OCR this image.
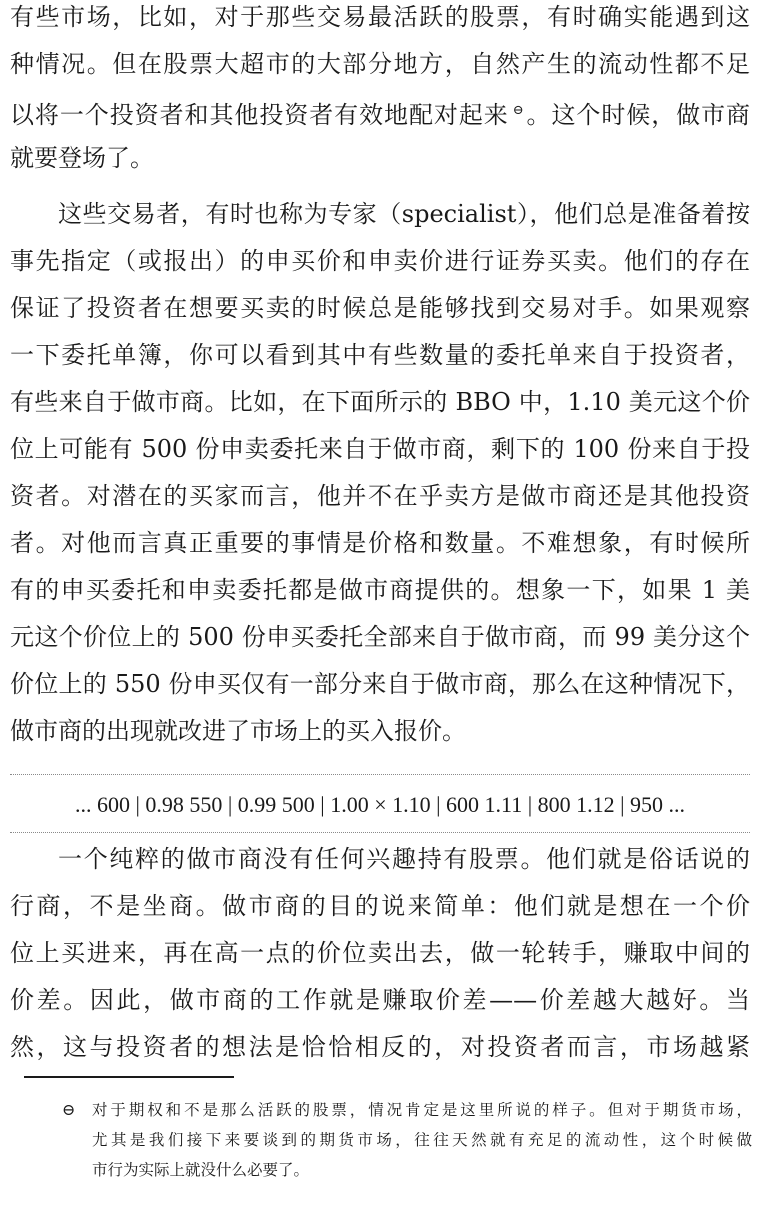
有些市场，比如，对于那些交易最活跃的股票，有时确实能遇到这
种情况。但在股票大超市的大部分地方，自然产生的流动性都不足
以将一个投资者和其他投资者有效地配对起来 ⊖。这个时候，做市商
就要登场了。
这些交易者，有时也称为专家（specialist），他们总是准备着按
事先指定（或报出）的申买价和申卖价进行证券买卖。他们的存在
保证了投资者在想要买卖的时候总是能够找到交易对手。如果观察
一下委托单簿，你可以看到其中有些数量的委托单来自于投资者，
有些来自于做市商。比如，在下面所示的 BBO 中，1.10 美元这个价
位上可能有 500 份申卖委托来自于做市商，剩下的 100 份来自于投
资者。对潜在的买家而言，他并不在乎卖方是做市商还是其他投资
者。对他而言真正重要的事情是价格和数量。不难想象，有时候所
有的申买委托和申卖委托都是做市商提供的。想象一下，如果 1 美
元这个价位上的 500 份申买委托全部来自于做市商，而 99 美分这个
价位上的 550 份申买仅有一部分来自于做市商，那么在这种情况下，
做市商的出现就改进了市场上的买入报价。
... 600 | 0.98 550 | 0.99 500 | 1.00 × 1.10 | 600 1.11 | 800 1.12 | 950 ...
一个纯粹的做市商没有任何兴趣持有股票。他们就是俗话说的
行商，不是坐商。做市商的目的说来简单：他们就是想在一个价
位上买进来，再在高一点的价位卖出去，做一轮转手，赚取中间的
价差。因此，做市商的工作就是赚取价差——价差越大越好。当
然，这与投资者的想法是恰恰相反的，对投资者而言，市场越紧
⊖ 对于期权和不是那么活跃的股票，情况肯定是这里所说的样子。但对于期货市场，
尤其是我们接下来要谈到的期货市场，往往天然就有充足的流动性，这个时候做
市行为实际上就没什么必要了。
